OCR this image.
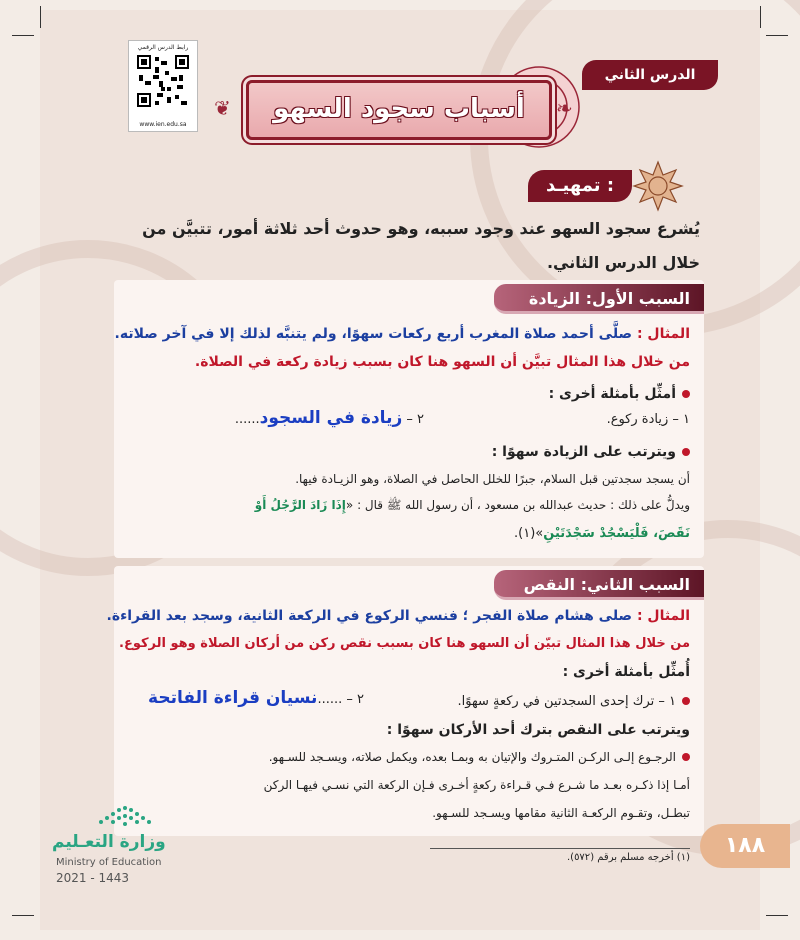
رابط الدرس الرقمي
www.ien.edu.sa
الدرس الثاني
❦	❧
أسباب سجود السهو
تمهيـد :
يُشرع سجود السهو عند وجود سببه، وهو حدوث أحد ثلاثة أمور، تتبيَّن من خلال الدرس الثاني.
السبب الأول: الزيادة
المثال : صلَّى أحمد صلاة المغرب أربع ركعات سهوًا، ولم يتنبَّه لذلك إلا في آخر صلاته.
من خلال هذا المثال تبيَّن أن السهو هنا كان بسبب زيادة ركعة في الصلاة.
أمثِّل بأمثلة أخرى :
١ – زيادة ركوع.
٢ – زيادة في السجود......
ويترتب على الزيادة سهوًا :
أن يسجد سجدتين قبل السلام، جبرًا للخلل الحاصل في الصلاة، وهو الزيـادة فيها.
ويدلُّ على ذلك : حديث عبدالله بن مسعود ، أن رسول الله ﷺ قال : «إِذَا زَادَ الرَّجُلُ أَوْ
نَقَصَ، فَلْيَسْجُدْ سَجْدَتَيْنِ»(١).
السبب الثاني: النقص
المثال : صلى هشام صلاة الفجر ؛ فنسي الركوع في الركعة الثانية، وسجد بعد القراءة.
من خلال هذا المثال تبيّن أن السهو هنا كان بسبب نقص ركن من أركان الصلاة وهو الركوع.
أُمثِّل بأمثلة أخرى :
١ – ترك إحدى السجدتين في ركعةٍ سهوًا.
٢ – ......نسيان قراءة الفاتحة
ويترتب على النقص بترك أحد الأركان سهوًا :
الرجـوع إلـى الركـن المتـروك والإتيان به وبمـا بعده، ويكمل صلاته، ويسـجد للسـهو.
أمـا إذا ذكـره بعـد ما شـرع فـي قـراءة ركعةٍ أخـرى فـإن الركعة التي نسـي فيهـا الركن
تبطـل، وتقـوم الركعـة الثانية مقامها ويسـجد للسـهو.
١٨٨
(١) أخرجه مسلم برقم (٥٧٢).
وزارة التعـليم
Ministry of Education
2021 - 1443
